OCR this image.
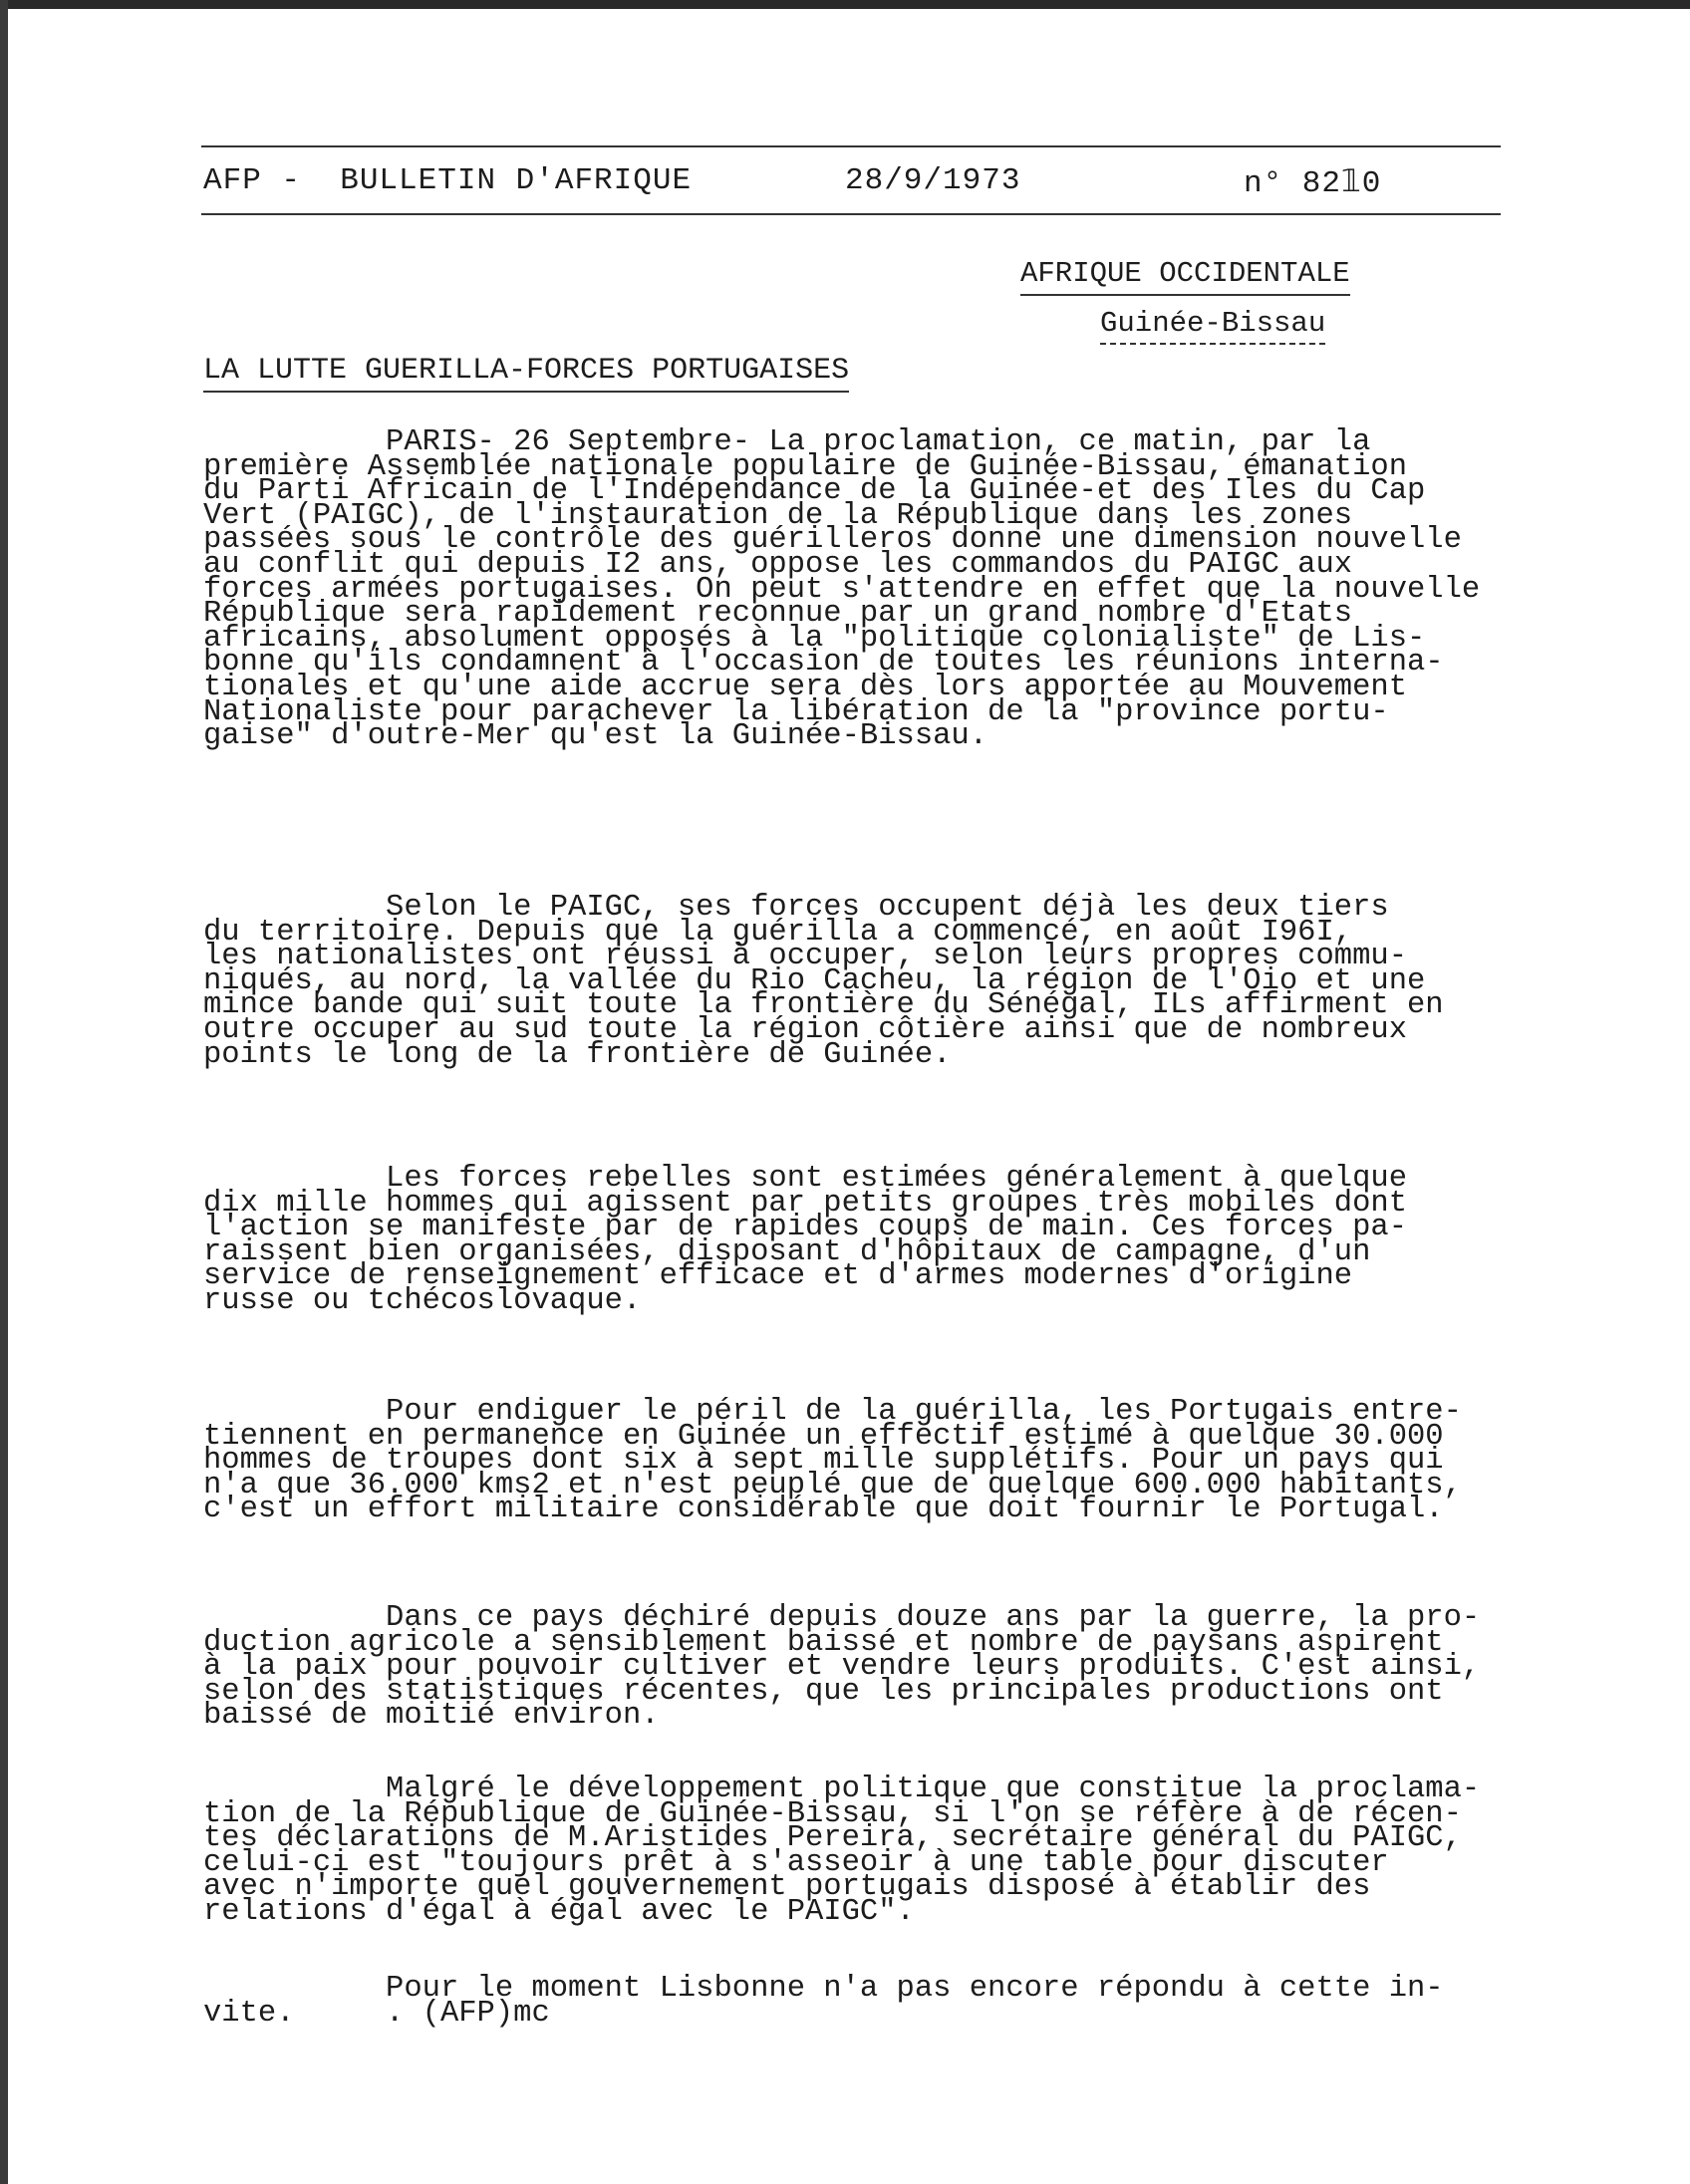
AFP -  BULLETIN D'AFRIQUE	28/9/1973	n° 82𝟙0
AFRIQUE OCCIDENTALE
Guinée-Bissau
LA LUTTE GUERILLA-FORCES PORTUGAISES
PARIS- 26 Septembre- La proclamation, ce matin, par la
première Assemblée nationale populaire de Guinée-Bissau, émanation
du Parti Africain de l'Indépendance de la Guinée-et des Iles du Cap
Vert (PAIGC), de l'instauration de la République dans les zones
passées sous le contrôle des guérilleros donne une dimension nouvelle
au conflit qui depuis I2 ans, oppose les commandos du PAIGC aux
forces armées portugaises. On peut s'attendre en effet que la nouvelle
République sera rapidement reconnue par un grand nombre d'Etats
africains, absolument opposés à la "politique colonialiste" de Lis-
bonne qu'ils condamnent à l'occasion de toutes les réunions interna-
tionales et qu'une aide accrue sera dès lors apportée au Mouvement
Nationaliste pour parachever la libération de la "province portu-
gaise" d'outre-Mer qu'est la Guinée-Bissau.
Selon le PAIGC, ses forces occupent déjà les deux tiers
du territoire. Depuis que la guérilla a commencé, en août I96I,
les nationalistes ont réussi à occuper, selon leurs propres commu-
niqués, au nord, la vallée du Rio Cacheu, la région de l'Oio et une
mince bande qui suit toute la frontière du Sénégal, ILs affirment en
outre occuper au sud toute la région côtière ainsi que de nombreux
points le long de la frontière de Guinée.
Les forces rebelles sont estimées généralement à quelque
dix mille hommes qui agissent par petits groupes très mobiles dont
l'action se manifeste par de rapides coups de main. Ces forces pa-
raissent bien organisées, disposant d'hôpitaux de campagne, d'un
service de renseignement efficace et d'armes modernes d'origine
russe ou tchécoslovaque.
Pour endiguer le péril de la guérilla, les Portugais entre-
tiennent en permanence en Guinée un effectif estimé à quelque 30.000
hommes de troupes dont six à sept mille supplétifs. Pour un pays qui
n'a que 36.000 kms2 et n'est peuplé que de quelque 600.000 habitants,
c'est un effort militaire considérable que doit fournir le Portugal.
Dans ce pays déchiré depuis douze ans par la guerre, la pro-
duction agricole a sensiblement baissé et nombre de paysans aspirent
à la paix pour pouvoir cultiver et vendre leurs produits. C'est ainsi,
selon des statistiques récentes, que les principales productions ont
baissé de moitié environ.
Malgré le développement politique que constitue la proclama-
tion de la République de Guinée-Bissau, si l'on se réfère à de récen-
tes déclarations de M.Aristides Pereira, secrétaire général du PAIGC,
celui-ci est "toujours prêt à s'asseoir à une table pour discuter
avec n'importe quel gouvernement portugais disposé à établir des
relations d'égal à égal avec le PAIGC".
Pour le moment Lisbonne n'a pas encore répondu à cette in-
vite.     . (AFP)mc
